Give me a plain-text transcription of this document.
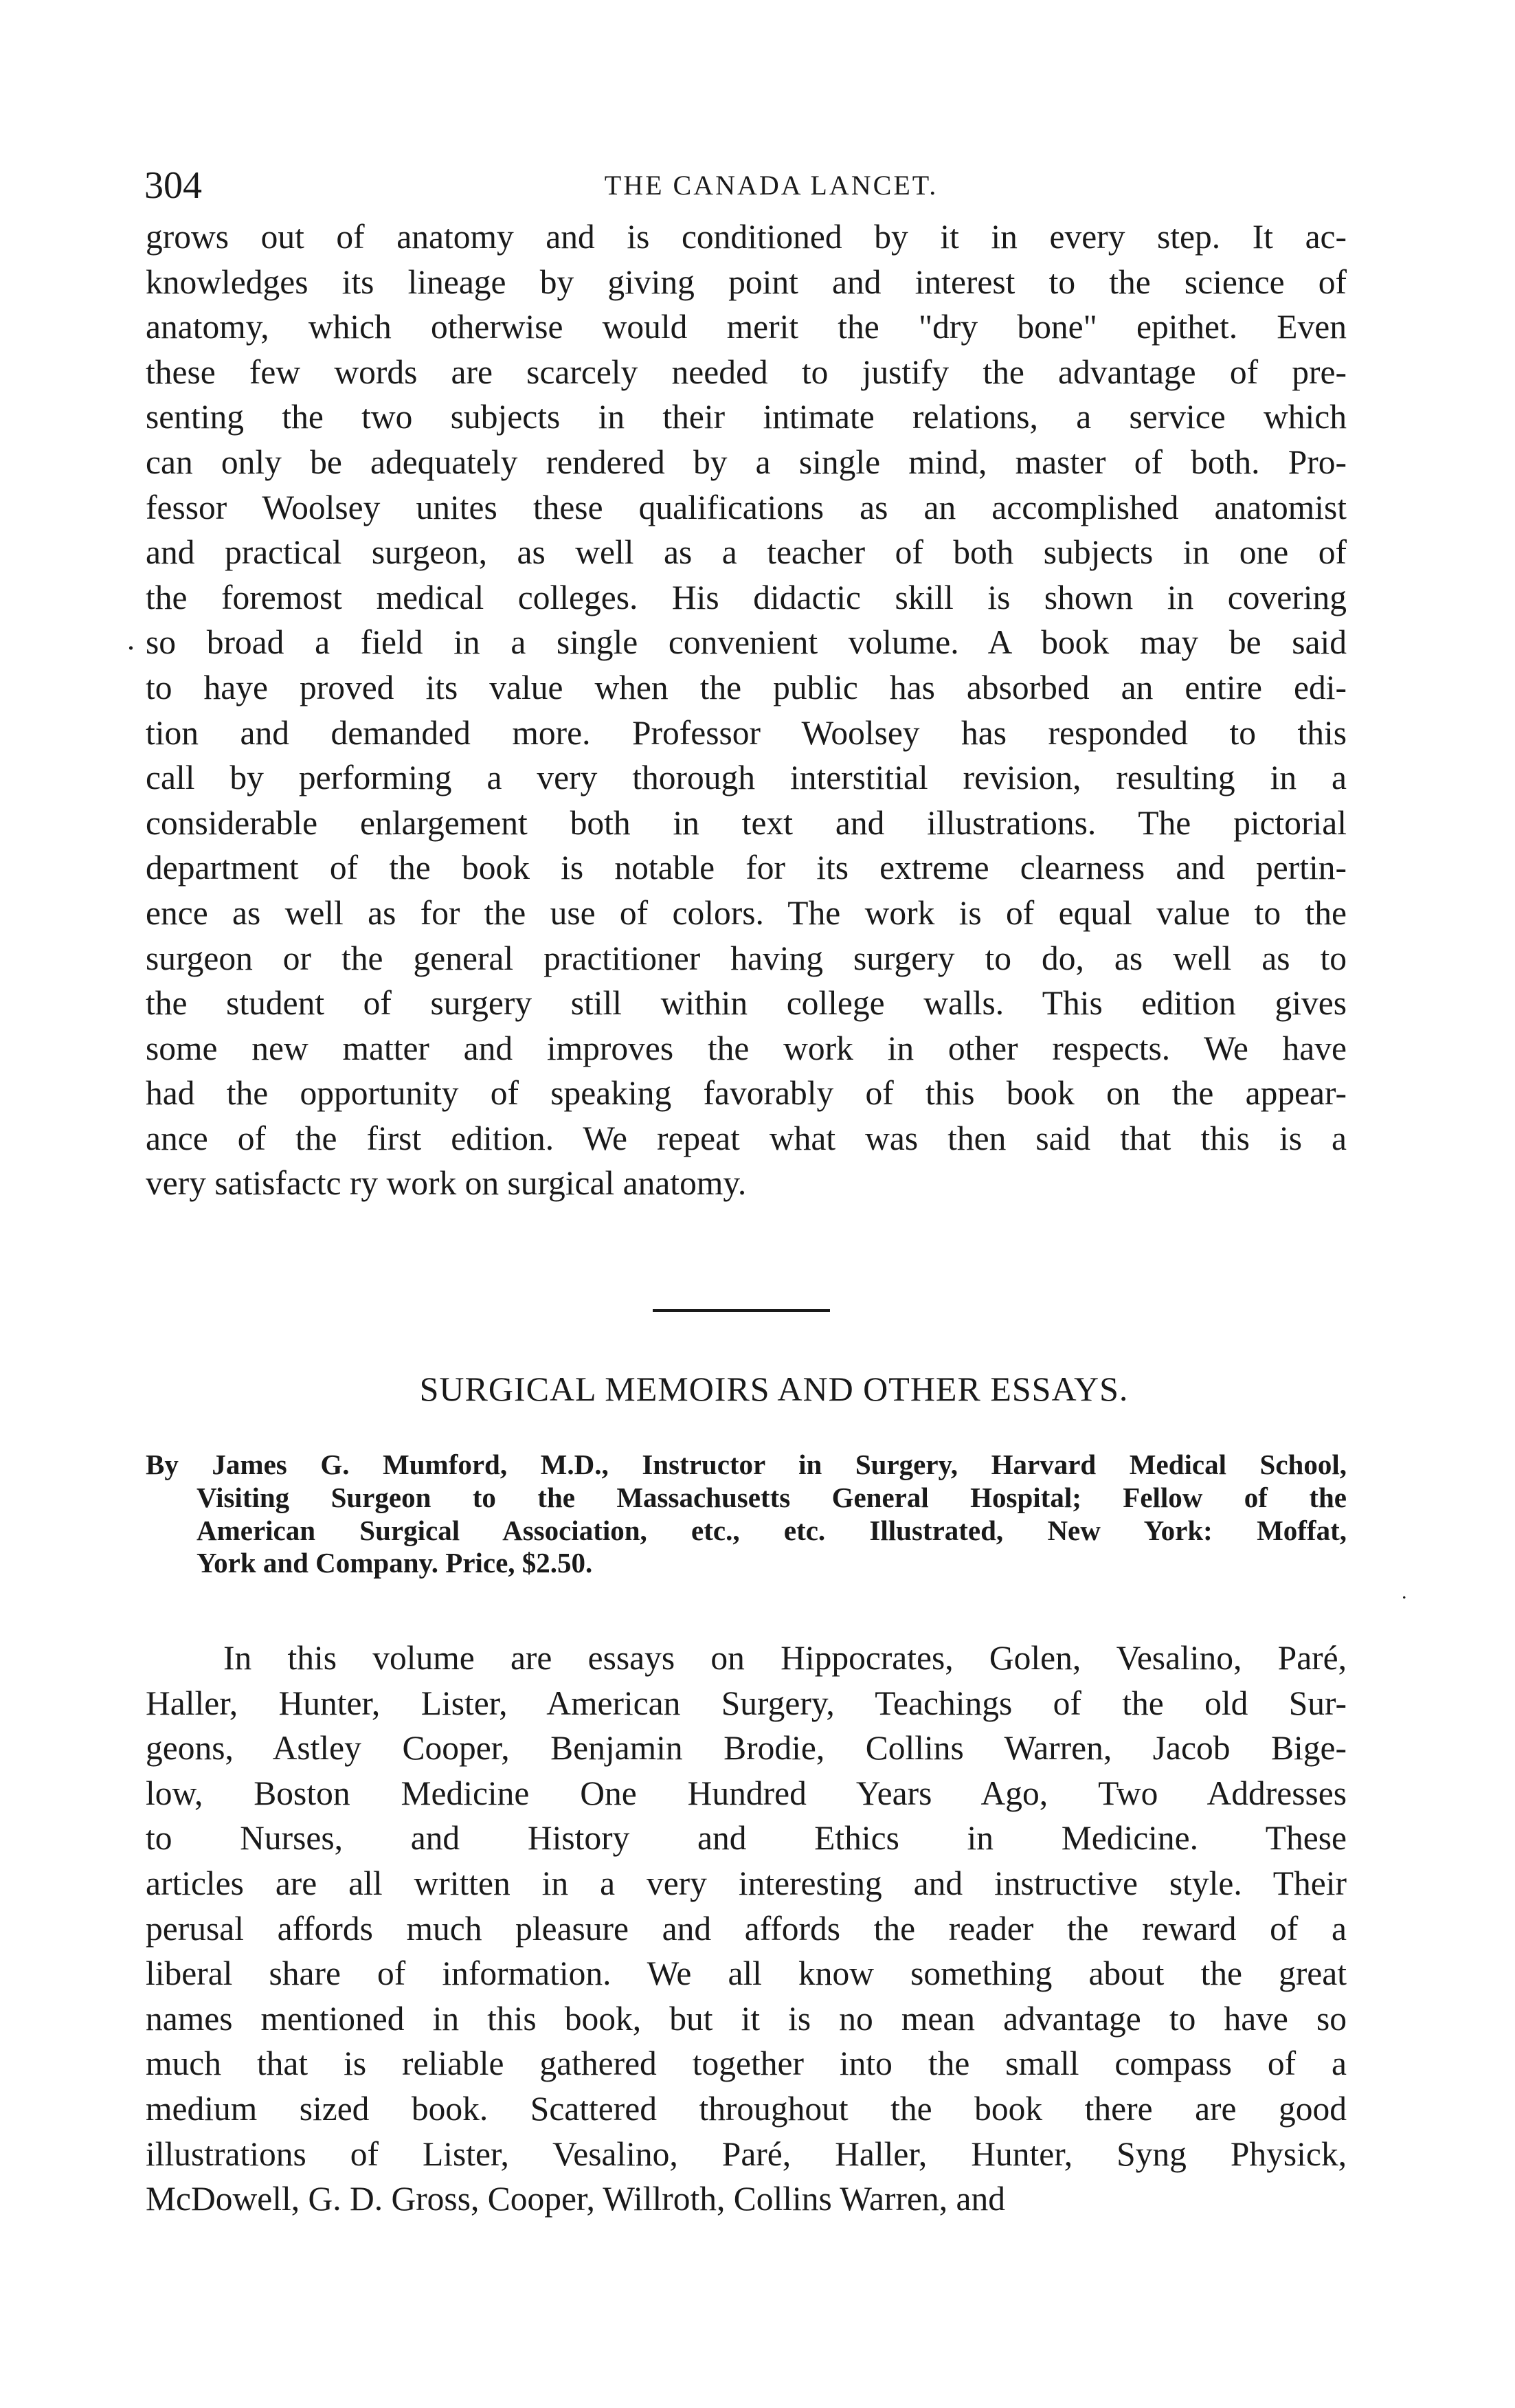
304	THE CANADA LANCET.
.
grows out of anatomy and is conditioned by it in every step. It ac-
knowledges its lineage by giving point and interest to the science of
anatomy, which otherwise would merit the "dry bone" epithet. Even
these few words are scarcely needed to justify the advantage of pre-
senting the two subjects in their intimate relations, a service which
can only be adequately rendered by a single mind, master of both. Pro-
fessor Woolsey unites these qualifications as an accomplished anatomist
and practical surgeon, as well as a teacher of both subjects in one of
the foremost medical colleges. His didactic skill is shown in covering
so broad a field in a single convenient volume. A book may be said
to haye proved its value when the public has absorbed an entire edi-
tion and demanded more. Professor Woolsey has responded to this
call by performing a very thorough interstitial revision, resulting in a
considerable enlargement both in text and illustrations. The pictorial
department of the book is notable for its extreme clearness and pertin-
ence as well as for the use of colors. The work is of equal value to the
surgeon or the general practitioner having surgery to do, as well as to
the student of surgery still within college walls. This edition gives
some new matter and improves the work in other respects. We have
had the opportunity of speaking favorably of this book on the appear-
ance of the first edition. We repeat what was then said that this is a
very satisfactc ry work on surgical anatomy.
SURGICAL MEMOIRS AND OTHER ESSAYS.
By James G. Mumford, M.D., Instructor in Surgery, Harvard Medical School,
Visiting Surgeon to the Massachusetts General Hospital; Fellow of the
American Surgical Association, etc., etc. Illustrated, New York: Moffat,
York and Company. Price, $2.50.
.
In this volume are essays on Hippocrates, Golen, Vesalino, Paré,
Haller, Hunter, Lister, American Surgery, Teachings of the old Sur-
geons, Astley Cooper, Benjamin Brodie, Collins Warren, Jacob Bige-
low, Boston Medicine One Hundred Years Ago, Two Addresses
to Nurses, and History and Ethics in Medicine. These
articles are all written in a very interesting and instructive style. Their
perusal affords much pleasure and affords the reader the reward of a
liberal share of information. We all know something about the great
names mentioned in this book, but it is no mean advantage to have so
much that is reliable gathered together into the small compass of a
medium sized book. Scattered throughout the book there are good
illustrations of Lister, Vesalino, Paré, Haller, Hunter, Syng Physick,
McDowell, G. D. Gross, Cooper, Willroth, Collins Warren, and
